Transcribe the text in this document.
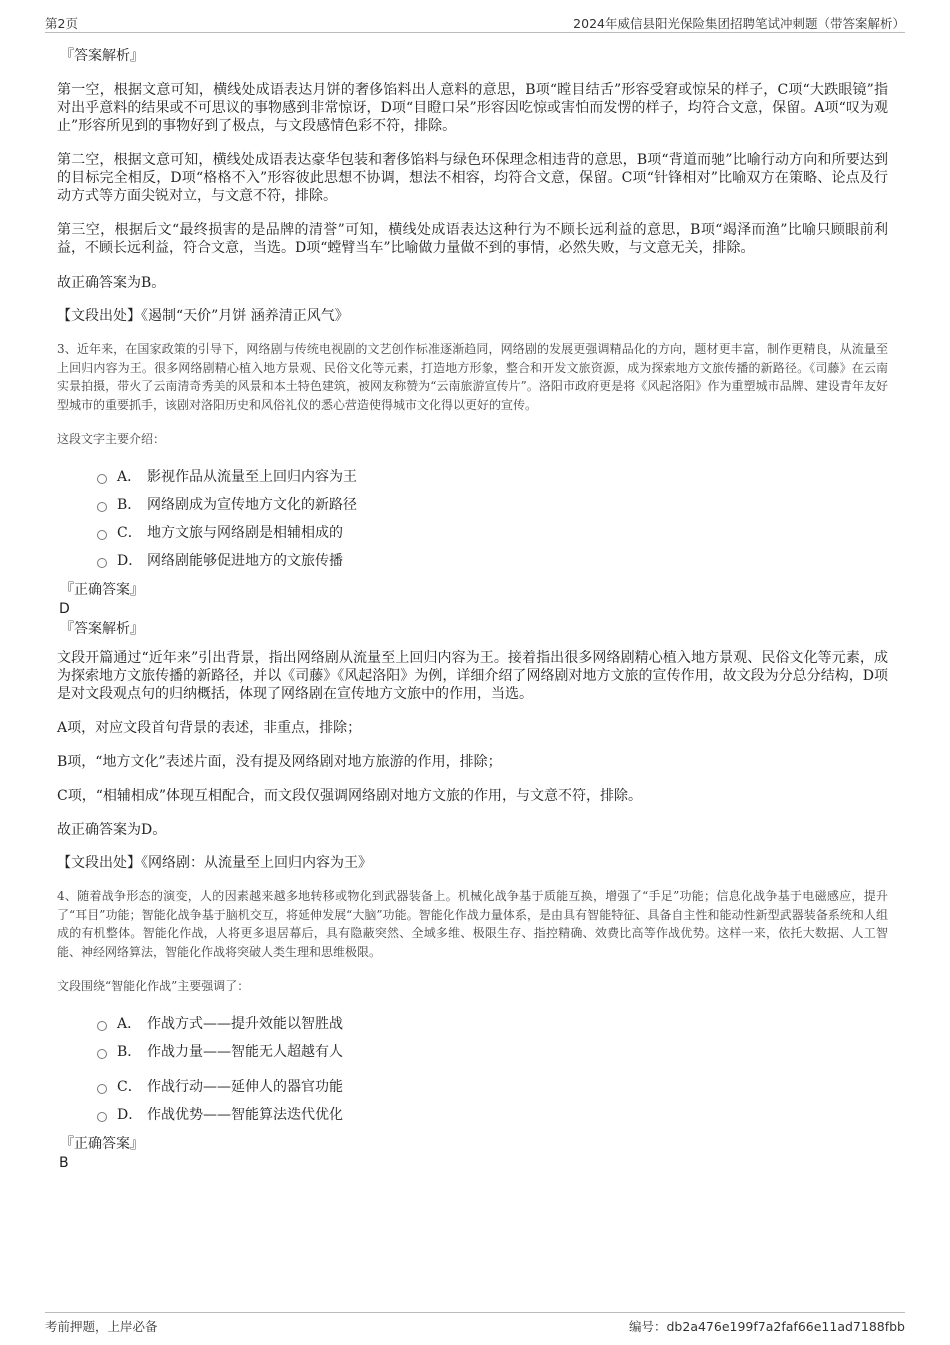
第2页	2024年威信县阳光保险集团招聘笔试冲刺题（带答案解析）
『答案解析』

第一空，根据文意可知，横线处成语表达月饼的奢侈馅料出人意料的意思，B项“瞠目结舌”形容受窘或惊呆的样子，C项“大跌眼镜”指对出乎意料的结果或不可思议的事物感到非常惊讶，D项“目瞪口呆”形容因吃惊或害怕而发愣的样子，均符合文意，保留。A项“叹为观止”形容所见到的事物好到了极点，与文段感情色彩不符，排除。

第二空，根据文意可知，横线处成语表达豪华包装和奢侈馅料与绿色环保理念相违背的意思，B项“背道而驰”比喻行动方向和所要达到的目标完全相反，D项“格格不入”形容彼此思想不协调，想法不相容，均符合文意，保留。C项“针锋相对”比喻双方在策略、论点及行动方式等方面尖锐对立，与文意不符，排除。

第三空，根据后文“最终损害的是品牌的清誉”可知，横线处成语表达这种行为不顾长远利益的意思，B项“竭泽而渔”比喻只顾眼前利益，不顾长远利益，符合文意，当选。D项“螳臂当车”比喻做力量做不到的事情，必然失败，与文意无关，排除。

故正确答案为B。

【文段出处】《遏制“天价”月饼 涵养清正风气》

3、近年来，在国家政策的引导下，网络剧与传统电视剧的文艺创作标准逐渐趋同，网络剧的发展更强调精品化的方向，题材更丰富，制作更精良，从流量至上回归内容为王。很多网络剧精心植入地方景观、民俗文化等元素，打造地方形象，整合和开发文旅资源，成为探索地方文旅传播的新路径。《司藤》在云南实景拍摄，带火了云南清奇秀美的风景和本土特色建筑，被网友称赞为“云南旅游宣传片”。洛阳市政府更是将《风起洛阳》作为重塑城市品牌、建设青年友好型城市的重要抓手，该剧对洛阳历史和风俗礼仪的悉心营造使得城市文化得以更好的宣传。

这段文字主要介绍：
A． 影视作品从流量至上回归内容为王
B． 网络剧成为宣传地方文化的新路径
C． 地方文旅与网络剧是相辅相成的
D． 网络剧能够促进地方的文旅传播
『正确答案』
D
『答案解析』

文段开篇通过“近年来”引出背景，指出网络剧从流量至上回归内容为王。接着指出很多网络剧精心植入地方景观、民俗文化等元素，成为探索地方文旅传播的新路径，并以《司藤》《风起洛阳》为例，详细介绍了网络剧对地方文旅的宣传作用，故文段为分总分结构，D项是对文段观点句的归纳概括，体现了网络剧在宣传地方文旅中的作用，当选。

A项，对应文段首句背景的表述，非重点，排除；

B项，“地方文化”表述片面，没有提及网络剧对地方旅游的作用，排除；

C项，“相辅相成”体现互相配合，而文段仅强调网络剧对地方文旅的作用，与文意不符，排除。

故正确答案为D。

【文段出处】《网络剧：从流量至上回归内容为王》

4、随着战争形态的演变，人的因素越来越多地转移或物化到武器装备上。机械化战争基于质能互换，增强了“手足”功能；信息化战争基于电磁感应，提升了“耳目”功能；智能化战争基于脑机交互，将延伸发展“大脑”功能。智能化作战力量体系，是由具有智能特征、具备自主性和能动性新型武器装备系统和人组成的有机整体。智能化作战，人将更多退居幕后，具有隐蔽突然、全域多维、极限生存、指控精确、效费比高等作战优势。这样一来，依托大数据、人工智能、神经网络算法，智能化作战将突破人类生理和思维极限。

文段围绕“智能化作战”主要强调了：
A． 作战方式——提升效能以智胜战
B． 作战力量——智能无人超越有人
C． 作战行动——延伸人的器官功能
D． 作战优势——智能算法迭代优化
『正确答案』
B
考前押题，上岸必备	编号：db2a476e199f7a2faf66e11ad7188fbb
